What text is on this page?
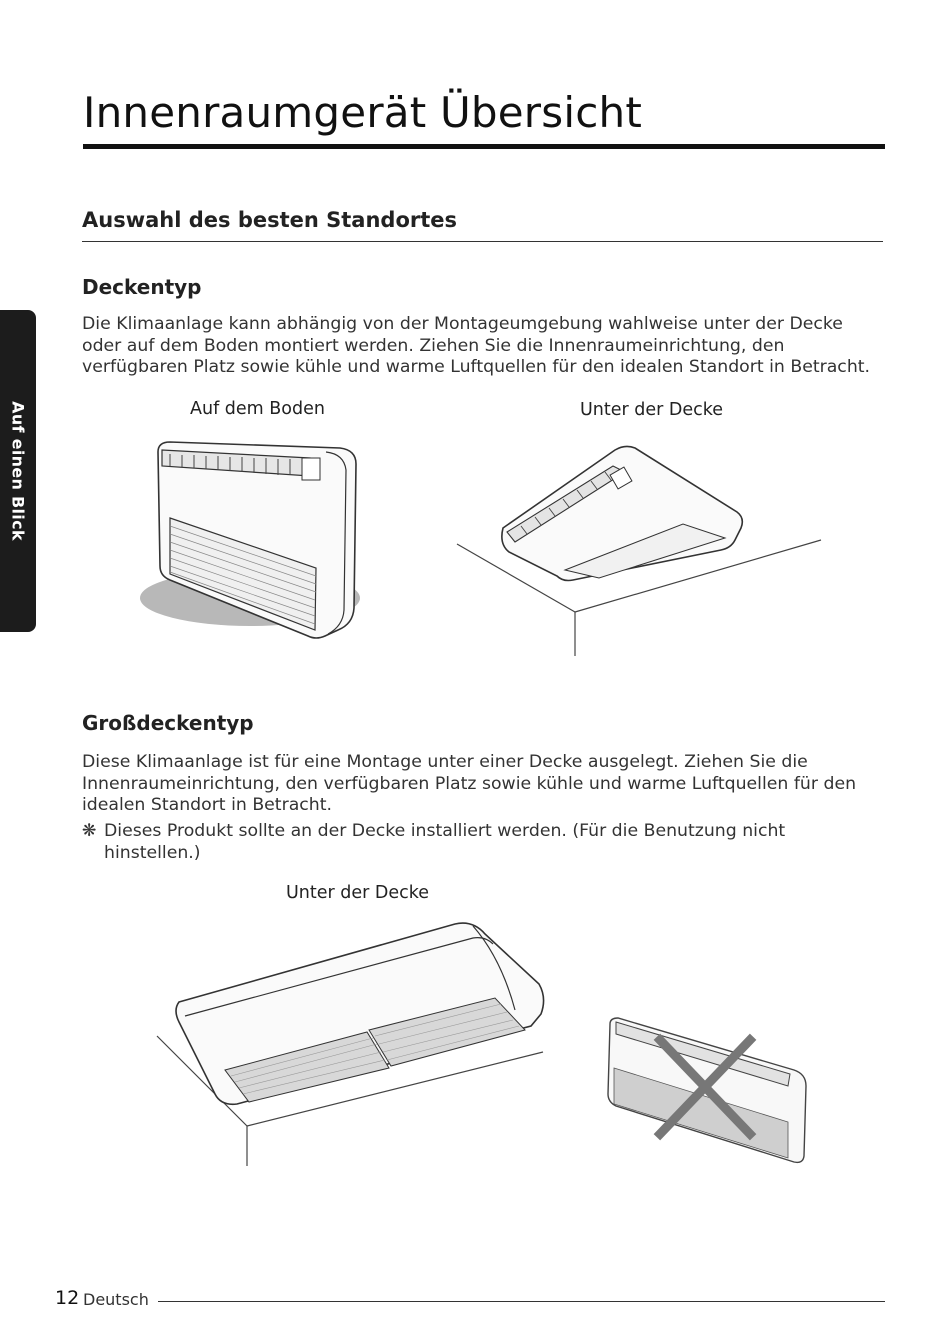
Innenraumgerät Übersicht
Auf einen Blick
Auswahl des besten Standortes
Deckentyp
Die Klimaanlage kann abhängig von der Montageumgebung wahlweise unter der Decke oder auf dem Boden montiert werden. Ziehen Sie die Innenraumeinrichtung, den verfügbaren Platz sowie kühle und warme Luftquellen für den idealen Standort in Betracht.
Auf dem Boden	Unter der Decke
Großdeckentyp
Diese Klimaanlage ist für eine Montage unter einer Decke ausgelegt. Ziehen Sie die Innenraumeinrichtung, den verfügbaren Platz sowie kühle und warme Luftquellen für den idealen Standort in Betracht.
❋ Dieses Produkt sollte an der Decke installiert werden. (Für die Benutzung nicht hinstellen.)
Unter der Decke
12 Deutsch
